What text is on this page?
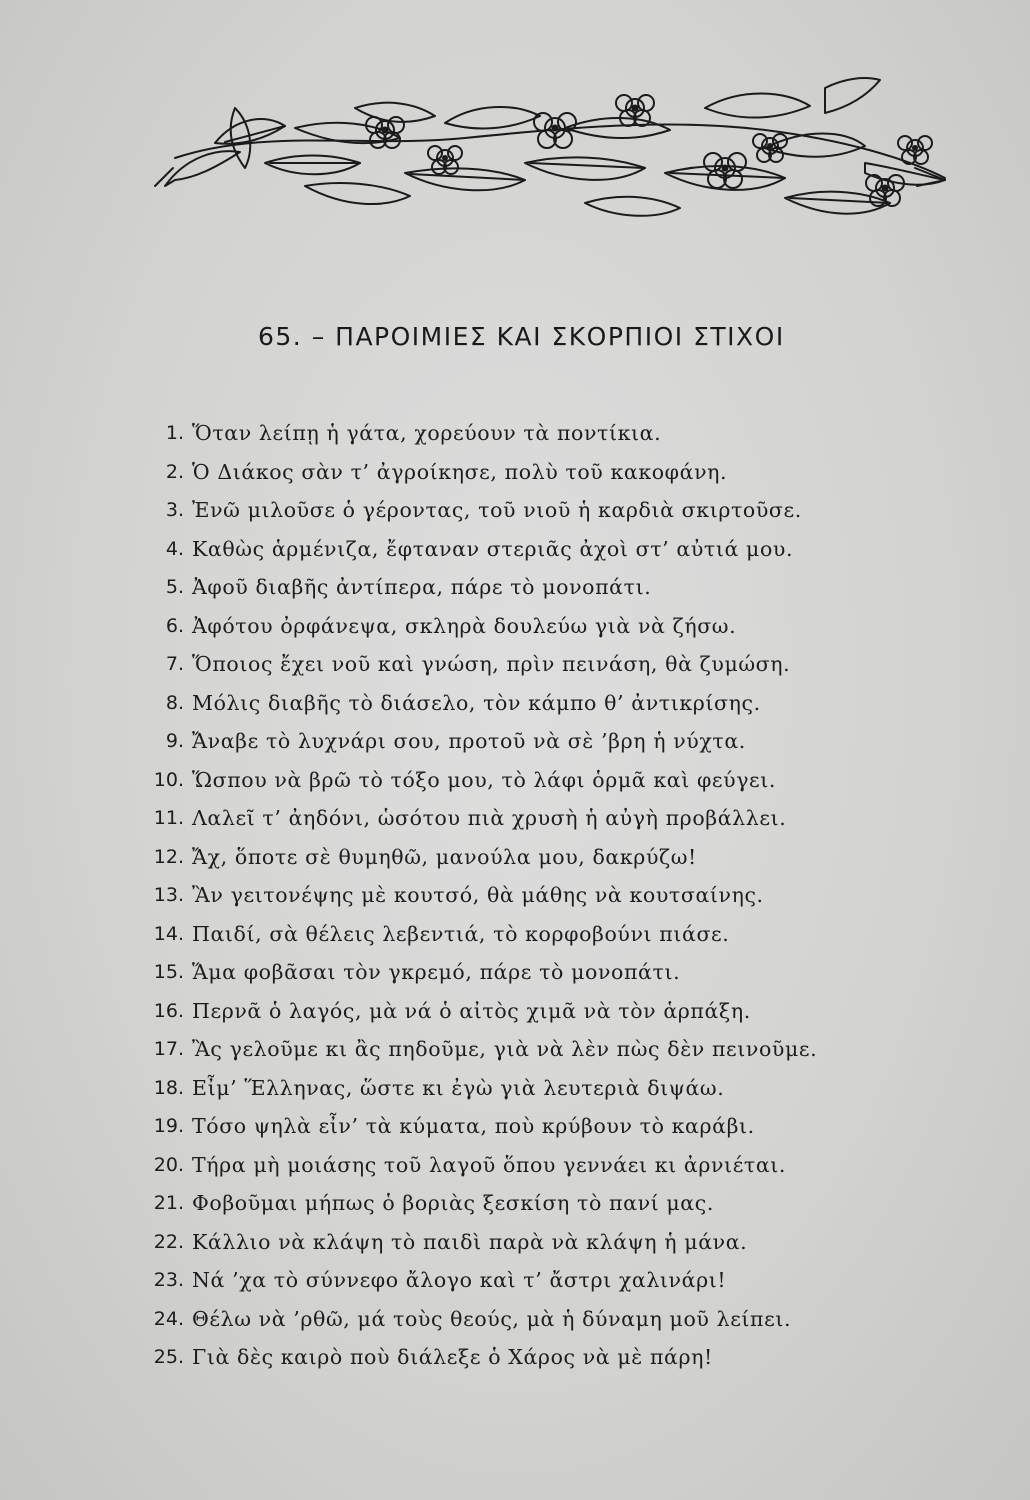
65. – ΠΑΡΟΙΜΙΕΣ ΚΑΙ ΣΚΟΡΠΙΟΙ ΣΤΙΧΟΙ
1. Ὅταν λείπῃ ἡ γάτα, χορεύουν τὰ ποντίκια.
2. Ὁ Διάκος σὰν τ’ ἀγροίκησε, πολὺ τοῦ κακοφάνη.
3. Ἐνῶ μιλοῦσε ὁ γέροντας, τοῦ νιοῦ ἡ καρδιὰ σκιρτοῦσε.
4. Καθὼς ἁρμένιζα, ἔφταναν στεριᾶς ἀχοὶ στ’ αὐτιά μου.
5. Ἀφοῦ διαβῆς ἀντίπερα, πάρε τὸ μονοπάτι.
6. Ἀφότου ὀρφάνεψα, σκληρὰ δουλεύω γιὰ νὰ ζήσω.
7. Ὅποιος ἔχει νοῦ καὶ γνώση, πρὶν πεινάση, θὰ ζυμώση.
8. Μόλις διαβῆς τὸ διάσελο, τὸν κάμπο θ’ ἀντικρίσης.
9. Ἄναβε τὸ λυχνάρι σου, προτοῦ νὰ σὲ ’βρη ἡ νύχτα.
10. Ὥσπου νὰ βρῶ τὸ τόξο μου, τὸ λάφι ὁρμᾶ καὶ φεύγει.
11. Λαλεῖ τ’ ἀηδόνι, ὡσότου πιὰ χρυσὴ ἡ αὐγὴ προβάλλει.
12. Ἄχ, ὅποτε σὲ θυμηθῶ, μανούλα μου, δακρύζω!
13. Ἂν γειτονέψης μὲ κουτσό, θὰ μάθης νὰ κουτσαίνης.
14. Παιδί, σὰ θέλεις λεβεντιά, τὸ κορφοβούνι πιάσε.
15. Ἅμα φοβᾶσαι τὸν γκρεμό, πάρε τὸ μονοπάτι.
16. Περνᾶ ὁ λαγός, μὰ νά ὁ αἰτὸς χιμᾶ νὰ τὸν ἁρπάξη.
17. Ἂς γελοῦμε κι ἂς πηδοῦμε, γιὰ νὰ λὲν πὼς δὲν πεινοῦμε.
18. Εἶμ’ Ἕλληνας, ὥστε κι ἐγὼ γιὰ λευτεριὰ διψάω.
19. Τόσο ψηλὰ εἶν’ τὰ κύματα, ποὺ κρύβουν τὸ καράβι.
20. Τήρα μὴ μοιάσης τοῦ λαγοῦ ὅπου γεννάει κι ἀρνιέται.
21. Φοβοῦμαι μήπως ὁ βοριὰς ξεσκίση τὸ πανί μας.
22. Κάλλιο νὰ κλάψη τὸ παιδὶ παρὰ νὰ κλάψη ἡ μάνα.
23. Νά ’χα τὸ σύννεφο ἄλογο καὶ τ’ ἄστρι χαλινάρι!
24. Θέλω νὰ ’ρθῶ, μά τοὺς θεούς, μὰ ἡ δύναμη μοῦ λείπει.
25. Γιὰ δὲς καιρὸ ποὺ διάλεξε ὁ Χάρος νὰ μὲ πάρη!
